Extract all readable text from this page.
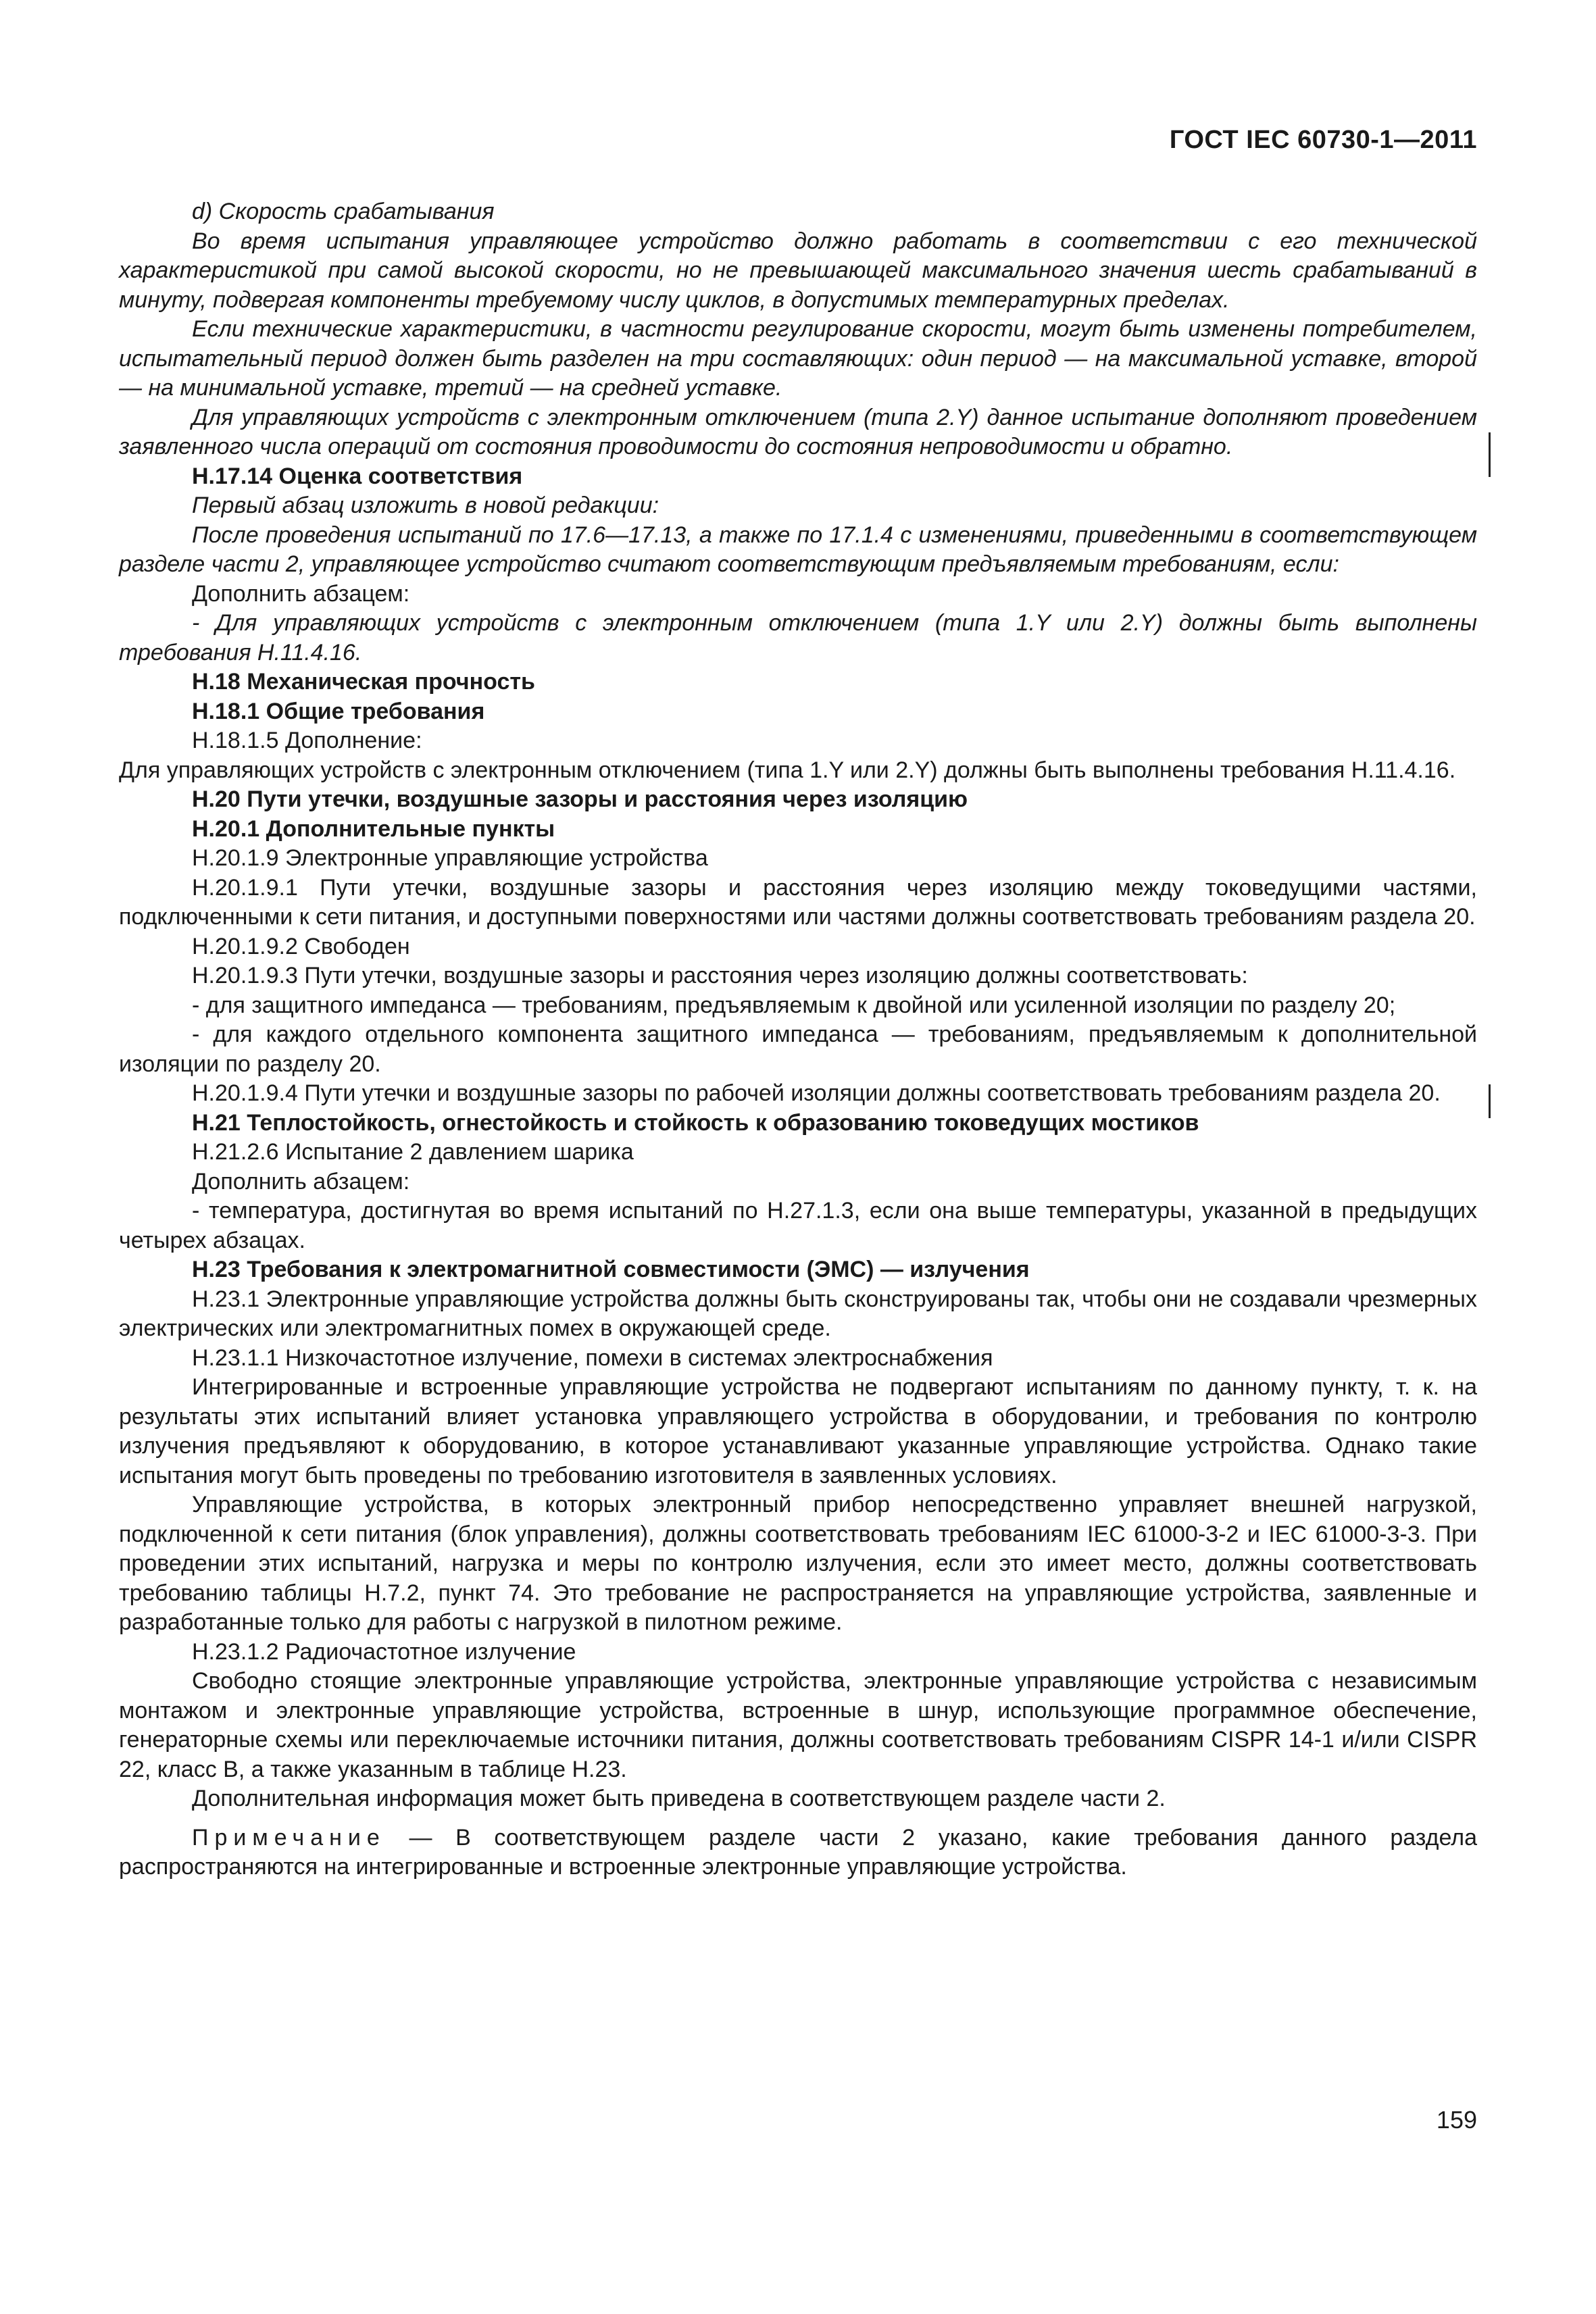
ГОСТ IEC 60730-1—2011

d) Скорость срабатывания

Во время испытания управляющее устройство должно работать в соответствии с его технической характеристикой при самой высокой скорости, но не превышающей максимального значения шесть срабатываний в минуту, подвергая компоненты требуемому числу циклов, в допустимых температурных пределах.

Если технические характеристики, в частности регулирование скорости, могут быть изменены потребителем, испытательный период должен быть разделен на три составляющих: один период — на максимальной уставке, второй — на минимальной уставке, третий — на средней уставке.

Для управляющих устройств с электронным отключением (типа 2.Y) данное испытание дополняют проведением заявленного числа операций от состояния проводимости до состояния непроводимости и обратно.

H.17.14 Оценка соответствия

Первый абзац изложить в новой редакции:

После проведения испытаний по 17.6—17.13, а также по 17.1.4 с изменениями, приведенными в соответствующем разделе части 2, управляющее устройство считают соответствующим предъявляемым требованиям, если:

Дополнить абзацем:

- Для управляющих устройств с электронным отключением (типа 1.Y или 2.Y) должны быть выполнены требования H.11.4.16.

H.18 Механическая прочность

H.18.1 Общие требования

H.18.1.5 Дополнение:

Для управляющих устройств с электронным отключением (типа 1.Y или 2.Y) должны быть выполнены требования H.11.4.16.

H.20 Пути утечки, воздушные зазоры и расстояния через изоляцию

H.20.1 Дополнительные пункты

H.20.1.9 Электронные управляющие устройства

H.20.1.9.1 Пути утечки, воздушные зазоры и расстояния через изоляцию между токоведущими частями, подключенными к сети питания, и доступными поверхностями или частями должны соответствовать требованиям раздела 20.

H.20.1.9.2 Свободен

H.20.1.9.3 Пути утечки, воздушные зазоры и расстояния через изоляцию должны соответствовать:

- для защитного импеданса — требованиям, предъявляемым к двойной или усиленной изоляции по разделу 20;

- для каждого отдельного компонента защитного импеданса — требованиям, предъявляемым к дополнительной изоляции по разделу 20.

H.20.1.9.4 Пути утечки и воздушные зазоры по рабочей изоляции должны соответствовать требованиям раздела 20.

H.21 Теплостойкость, огнестойкость и стойкость к образованию токоведущих мостиков

H.21.2.6 Испытание 2 давлением шарика

Дополнить абзацем:

- температура, достигнутая во время испытаний по H.27.1.3, если она выше температуры, указанной в предыдущих четырех абзацах.

H.23 Требования к электромагнитной совместимости (ЭМС) — излучения

H.23.1 Электронные управляющие устройства должны быть сконструированы так, чтобы они не создавали чрезмерных электрических или электромагнитных помех в окружающей среде.

H.23.1.1 Низкочастотное излучение, помехи в системах электроснабжения

Интегрированные и встроенные управляющие устройства не подвергают испытаниям по данному пункту, т. к. на результаты этих испытаний влияет установка управляющего устройства в оборудовании, и требования по контролю излучения предъявляют к оборудованию, в которое устанавливают указанные управляющие устройства. Однако такие испытания могут быть проведены по требованию изготовителя в заявленных условиях.

Управляющие устройства, в которых электронный прибор непосредственно управляет внешней нагрузкой, подключенной к сети питания (блок управления), должны соответствовать требованиям IEC 61000-3-2 и IEC 61000-3-3. При проведении этих испытаний, нагрузка и меры по контролю излучения, если это имеет место, должны соответствовать требованию таблицы H.7.2, пункт 74. Это требование не распространяется на управляющие устройства, заявленные и разработанные только для работы с нагрузкой в пилотном режиме.

H.23.1.2 Радиочастотное излучение

Свободно стоящие электронные управляющие устройства, электронные управляющие устройства с независимым монтажом и электронные управляющие устройства, встроенные в шнур, использующие программное обеспечение, генераторные схемы или переключаемые источники питания, должны соответствовать требованиям CISPR 14-1 и/или CISPR 22, класс B, а также указанным в таблице H.23.

Дополнительная информация может быть приведена в соответствующем разделе части 2.

Примечание — В соответствующем разделе части 2 указано, какие требования данного раздела распространяются на интегрированные и встроенные электронные управляющие устройства.

159
